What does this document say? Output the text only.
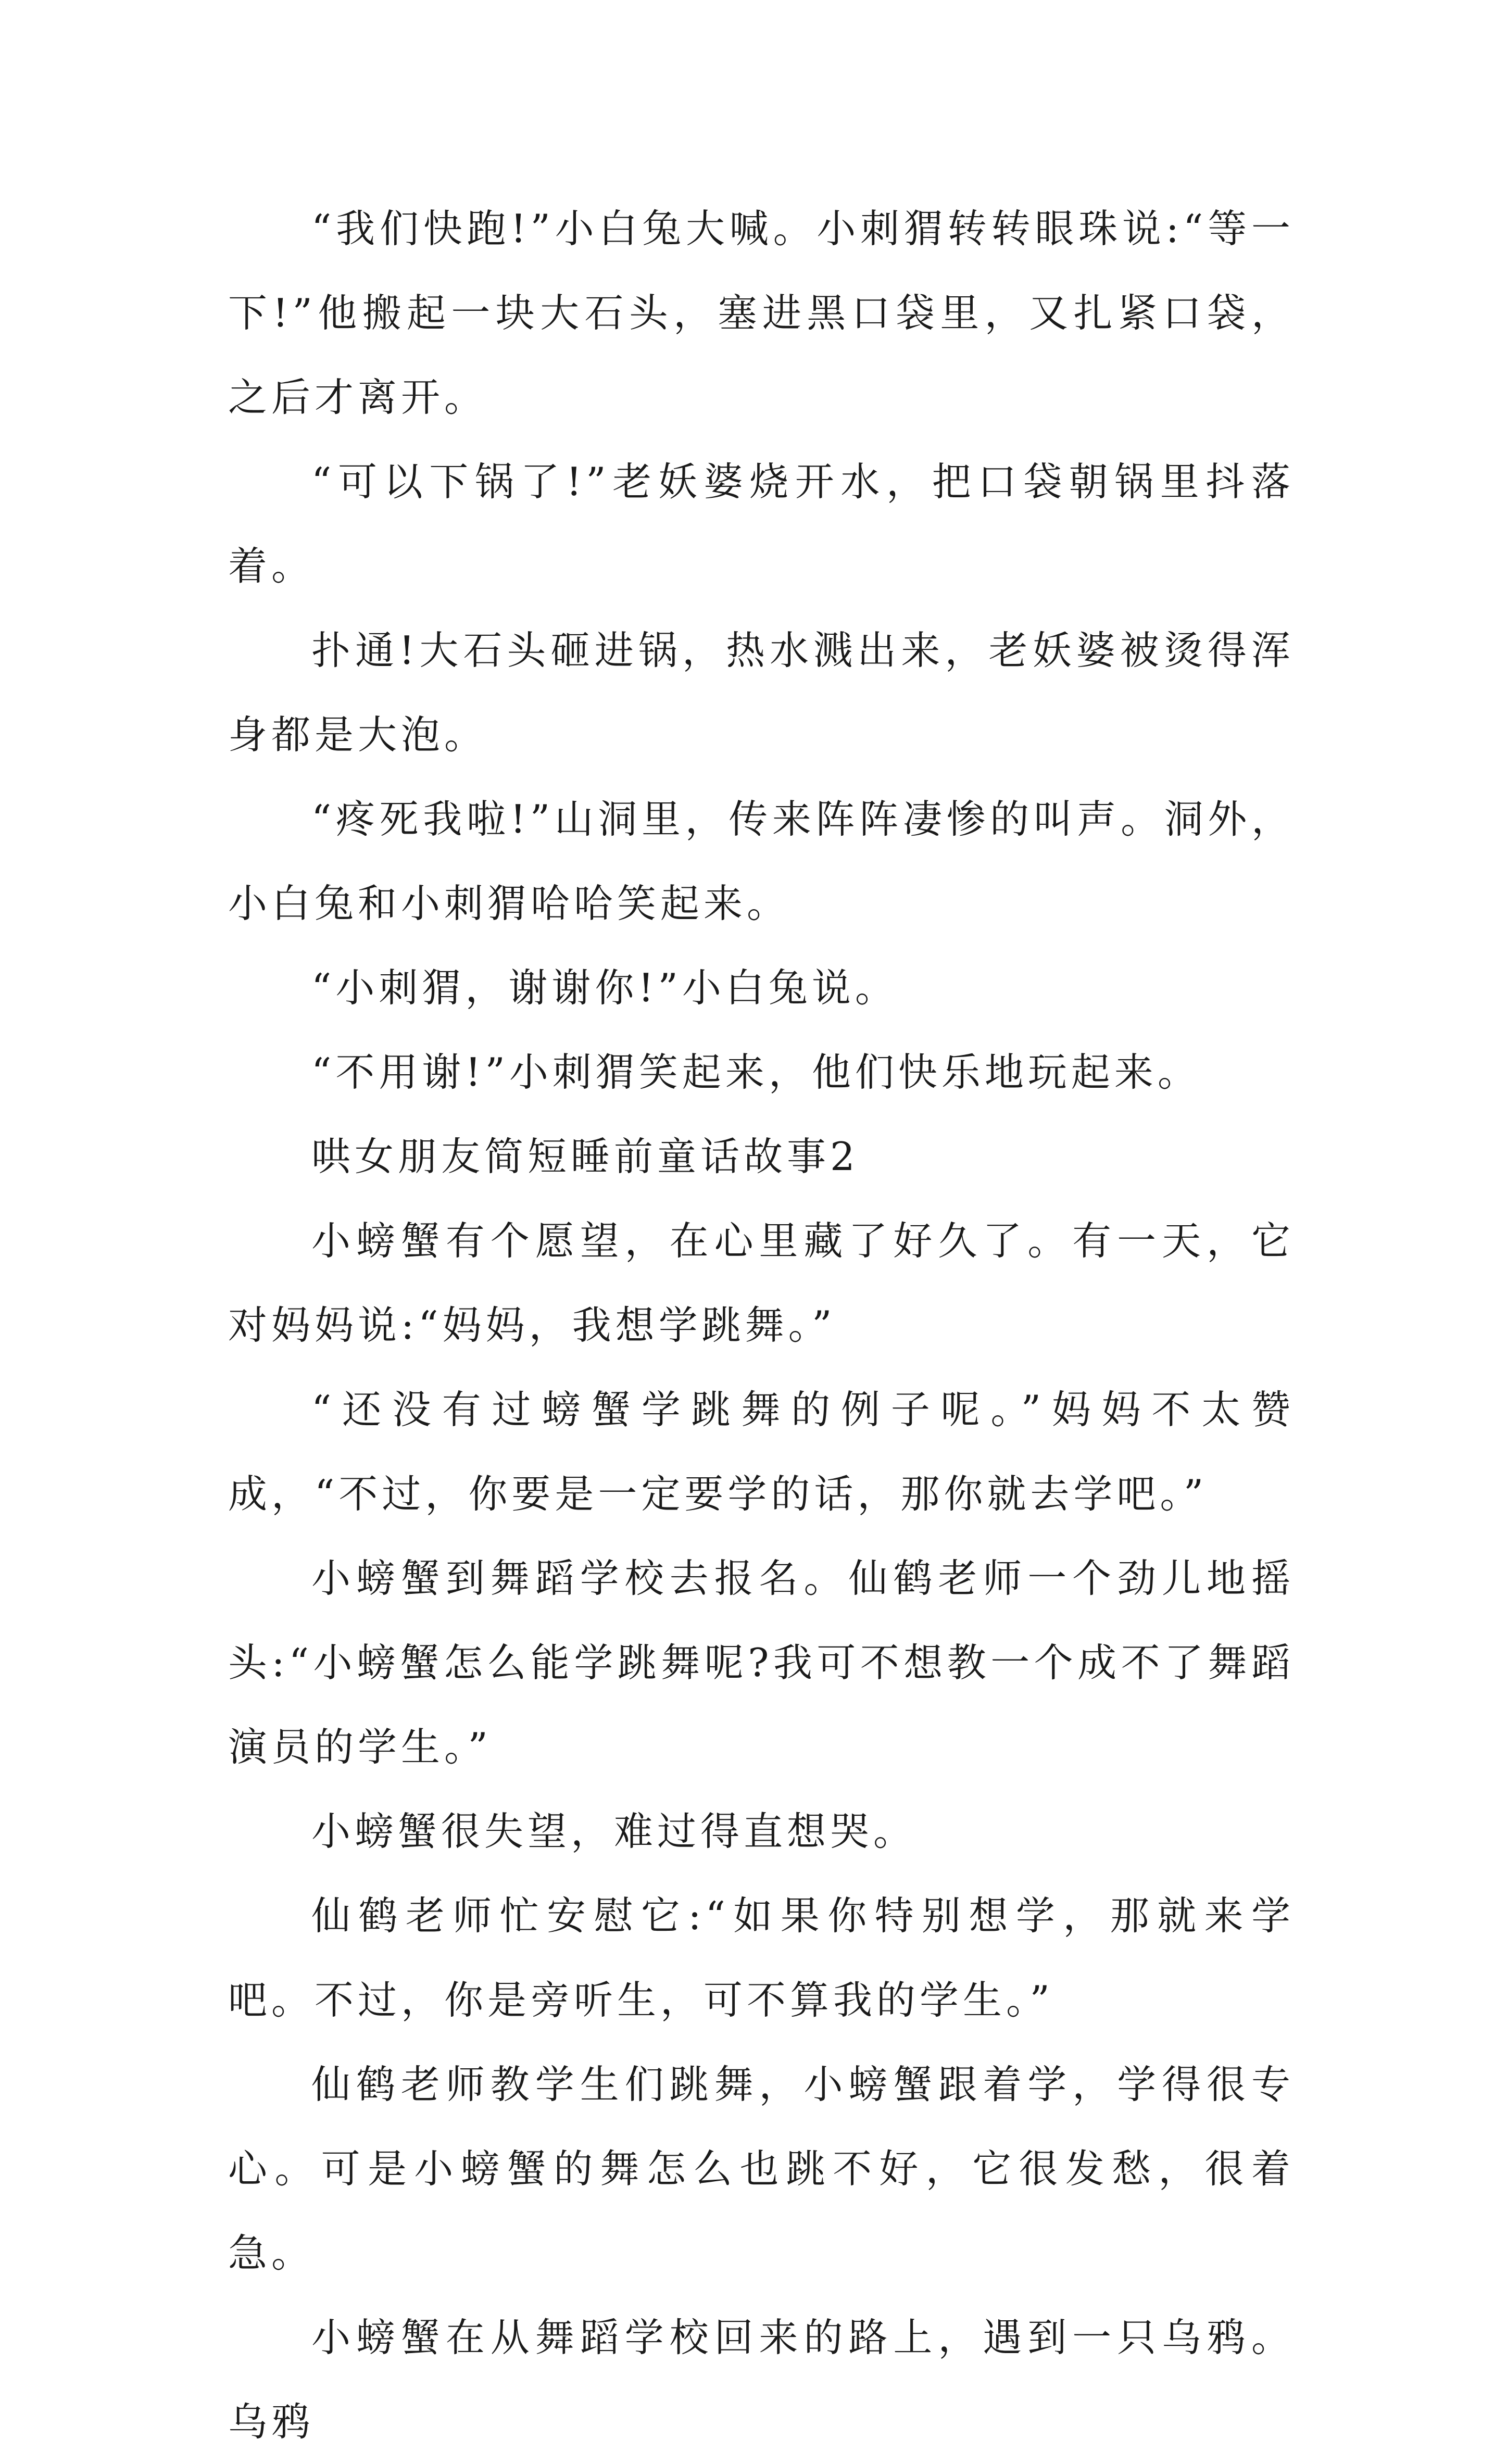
“我们快跑!”小白兔大喊。小刺猬转转眼珠说:“等一下!”他搬起一块大石头，塞进黑口袋里，又扎紧口袋，之后才离开。

“可以下锅了!”老妖婆烧开水，把口袋朝锅里抖落着。

扑通!大石头砸进锅，热水溅出来，老妖婆被烫得浑身都是大泡。

“疼死我啦!”山洞里，传来阵阵凄惨的叫声。洞外，小白兔和小刺猬哈哈笑起来。

“小刺猬，谢谢你!”小白兔说。

“不用谢!”小刺猬笑起来，他们快乐地玩起来。

哄女朋友简短睡前童话故事2

小螃蟹有个愿望，在心里藏了好久了。有一天，它对妈妈说:“妈妈，我想学跳舞。”

“还没有过螃蟹学跳舞的例子呢。”妈妈不太赞成，“不过，你要是一定要学的话，那你就去学吧。”

小螃蟹到舞蹈学校去报名。仙鹤老师一个劲儿地摇头:“小螃蟹怎么能学跳舞呢?我可不想教一个成不了舞蹈演员的学生。”

小螃蟹很失望，难过得直想哭。

仙鹤老师忙安慰它:“如果你特别想学，那就来学吧。不过，你是旁听生，可不算我的学生。”

仙鹤老师教学生们跳舞，小螃蟹跟着学，学得很专心。可是小螃蟹的舞怎么也跳不好，它很发愁，很着急。

小螃蟹在从舞蹈学校回来的路上，遇到一只乌鸦。乌鸦
